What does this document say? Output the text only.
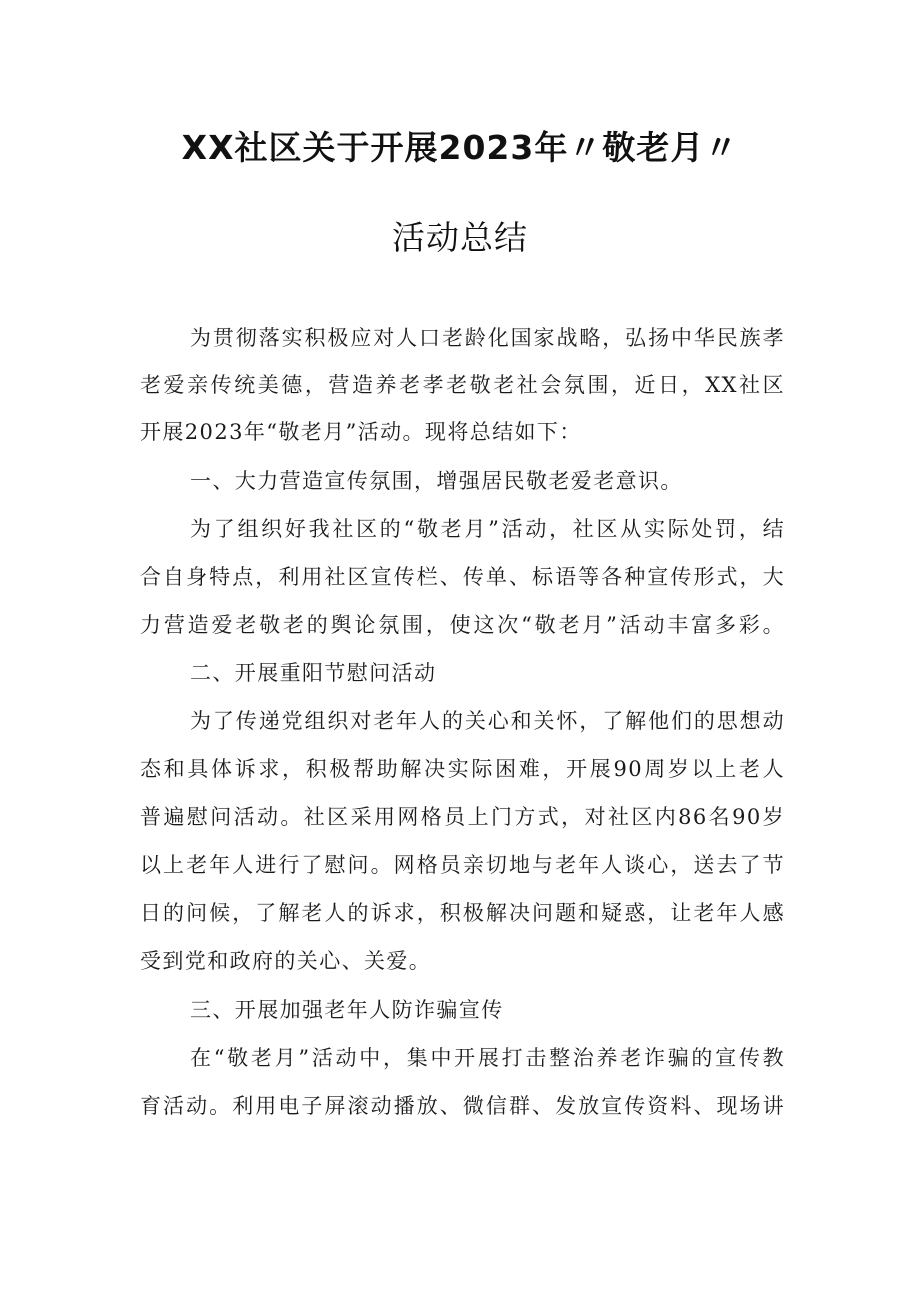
XX社区关于开展2023年〃敬老月〃
活动总结
为贯彻落实积极应对人口老龄化国家战略，弘扬中华民族孝
老爱亲传统美德，营造养老孝老敬老社会氛围，近日，XX社区
开展2023年“敬老月”活动。现将总结如下：
一、大力营造宣传氛围，增强居民敬老爱老意识。
为了组织好我社区的“敬老月”活动，社区从实际处罚，结
合自身特点，利用社区宣传栏、传单、标语等各种宣传形式，大
力营造爱老敬老的舆论氛围，使这次“敬老月”活动丰富多彩。
二、开展重阳节慰问活动
为了传递党组织对老年人的关心和关怀，了解他们的思想动
态和具体诉求，积极帮助解决实际困难，开展90周岁以上老人
普遍慰问活动。社区采用网格员上门方式，对社区内86名90岁
以上老年人进行了慰问。网格员亲切地与老年人谈心，送去了节
日的问候，了解老人的诉求，积极解决问题和疑惑，让老年人感
受到党和政府的关心、关爱。
三、开展加强老年人防诈骗宣传
在“敬老月”活动中，集中开展打击整治养老诈骗的宣传教
育活动。利用电子屏滚动播放、微信群、发放宣传资料、现场讲
